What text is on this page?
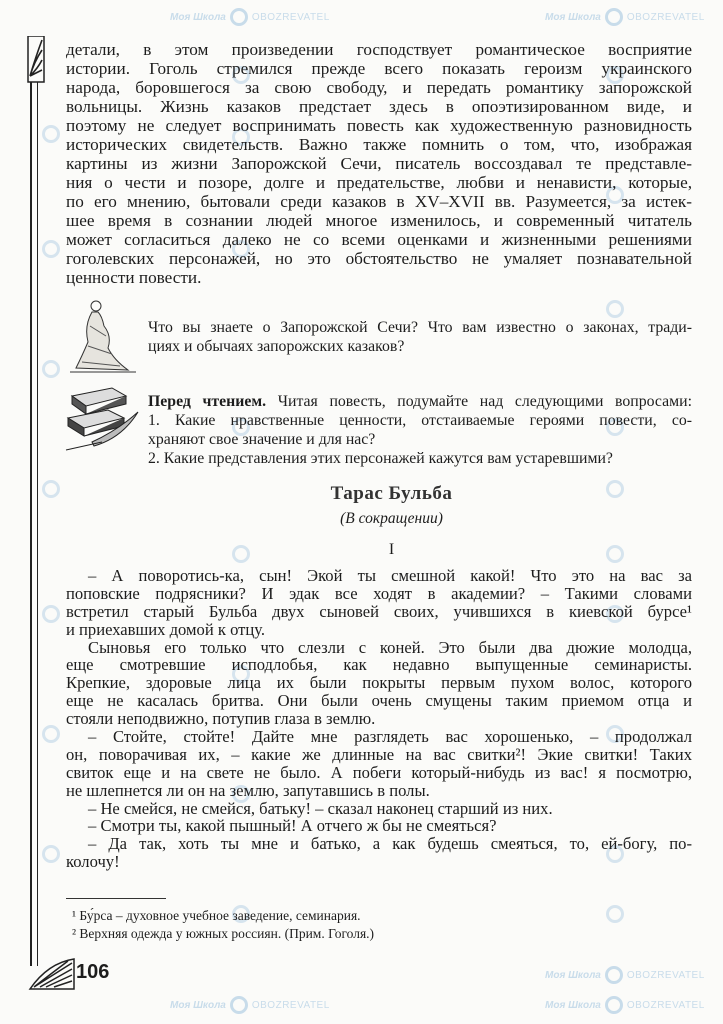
Моя Школа	OBOZREVATEL	Моя Школа	OBOZREVATEL
Моя Школа	OBOZREVATEL	Моя Школа	OBOZREVATEL
Моя Школа	OBOZREVATEL
детали, в этом произведении господствует романтическое восприятие
истории. Гоголь стремился прежде всего показать героизм украинского
народа, боровшегося за свою свободу, и передать романтику запорожской
вольницы. Жизнь казаков предстает здесь в опоэтизированном виде, и
поэтому не следует воспринимать повесть как художественную разновидность
исторических свидетельств. Важно также помнить о том, что, изображая
картины из жизни Запорожской Сечи, писатель воссоздавал те представле-
ния о чести и позоре, долге и предательстве, любви и ненависти, которые,
по его мнению, бытовали среди казаков в XV–XVII вв. Разумеется, за истек-
шее время в сознании людей многое изменилось, и современный читатель
может согласиться далеко не со всеми оценками и жизненными решениями
гоголевских персонажей, но это обстоятельство не умаляет познавательной
ценности повести.
Что вы знаете о Запорожской Сечи? Что вам известно о законах, тради-
циях и обычаях запорожских казаков?
Перед чтением. Читая повесть, подумайте над следующими вопросами:
1. Какие нравственные ценности, отстаиваемые героями повести, со-
храняют свое значение и для нас?
2. Какие представления этих персонажей кажутся вам устаревшими?
Тарас Бульба
(В сокращении)
I
– А поворотись-ка, сын! Экой ты смешной какой! Что это на вас за
поповские подрясники? И эдак все ходят в академии? – Такими словами
встретил старый Бульба двух сыновей своих, учившихся в киевской бурсе¹
и приехавших домой к отцу.
Сыновья его только что слезли с коней. Это были два дюжие молодца,
еще смотревшие исподлобья, как недавно выпущенные семинаристы.
Крепкие, здоровые лица их были покрыты первым пухом волос, которого
еще не касалась бритва. Они были очень смущены таким приемом отца и
стояли неподвижно, потупив глаза в землю.
– Стойте, стойте! Дайте мне разглядеть вас хорошенько, – продолжал
он, поворачивая их, – какие же длинные на вас свитки²! Экие свитки! Таких
свиток еще и на свете не было. А побеги который-нибудь из вас! я посмотрю,
не шлепнется ли он на землю, запутавшись в полы.
– Не смейся, не смейся, батьку! – сказал наконец старший из них.
– Смотри ты, какой пышный! А отчего ж бы не смеяться?
– Да так, хоть ты мне и батько, а как будешь смеяться, то, ей-богу, по-
колочу!
¹ Бу́рса – духовное учебное заведение, семинария.
² Верхняя одежда у южных россиян. (Прим. Гоголя.)
106
